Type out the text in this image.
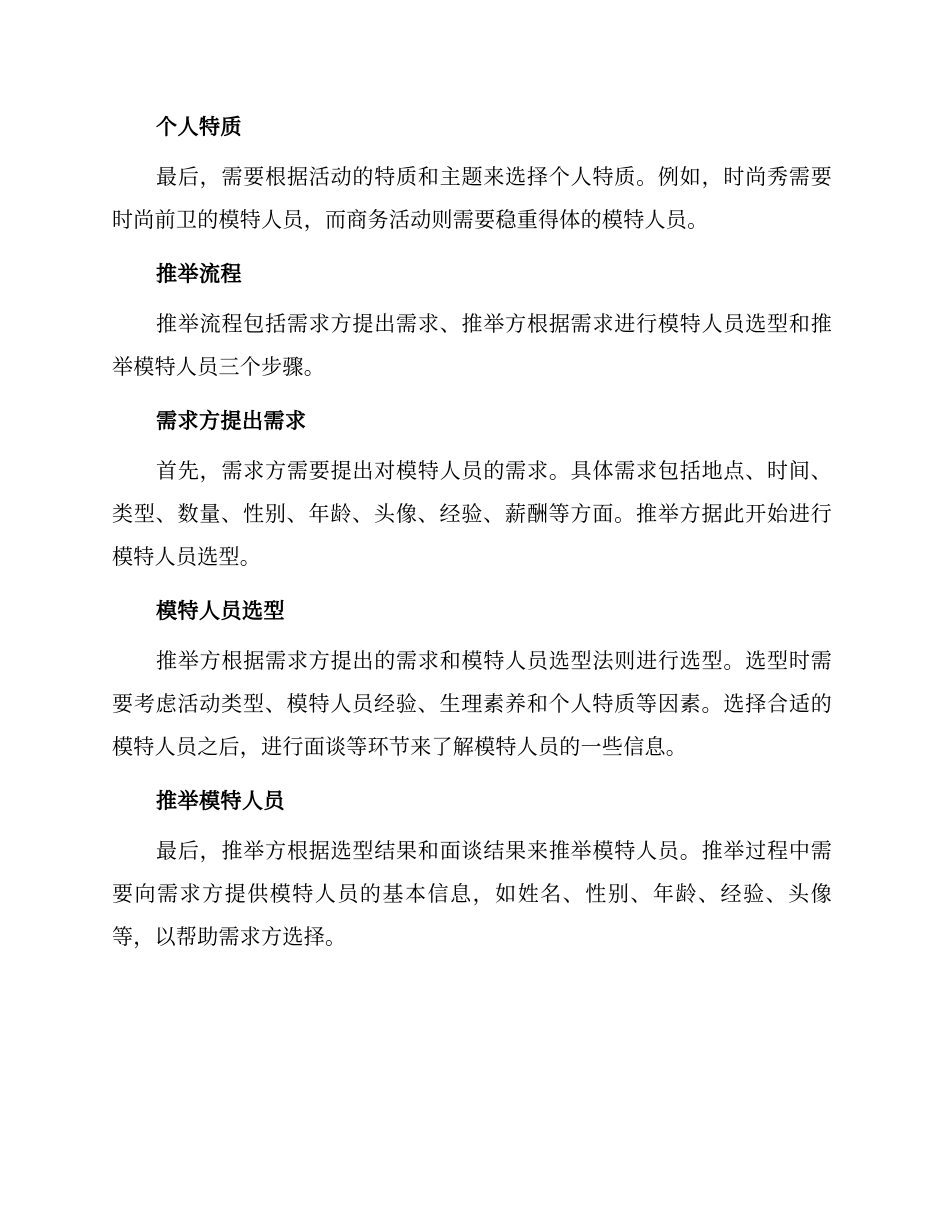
个人特质

最后，需要根据活动的特质和主题来选择个人特质。例如，时尚秀需要时尚前卫的模特人员，而商务活动则需要稳重得体的模特人员。

推举流程

推举流程包括需求方提出需求、推举方根据需求进行模特人员选型和推举模特人员三个步骤。

需求方提出需求

首先，需求方需要提出对模特人员的需求。具体需求包括地点、时间、类型、数量、性别、年龄、头像、经验、薪酬等方面。推举方据此开始进行模特人员选型。

模特人员选型

推举方根据需求方提出的需求和模特人员选型法则进行选型。选型时需要考虑活动类型、模特人员经验、生理素养和个人特质等因素。选择合适的模特人员之后，进行面谈等环节来了解模特人员的一些信息。

推举模特人员

最后，推举方根据选型结果和面谈结果来推举模特人员。推举过程中需要向需求方提供模特人员的基本信息，如姓名、性别、年龄、经验、头像等，以帮助需求方选择。
